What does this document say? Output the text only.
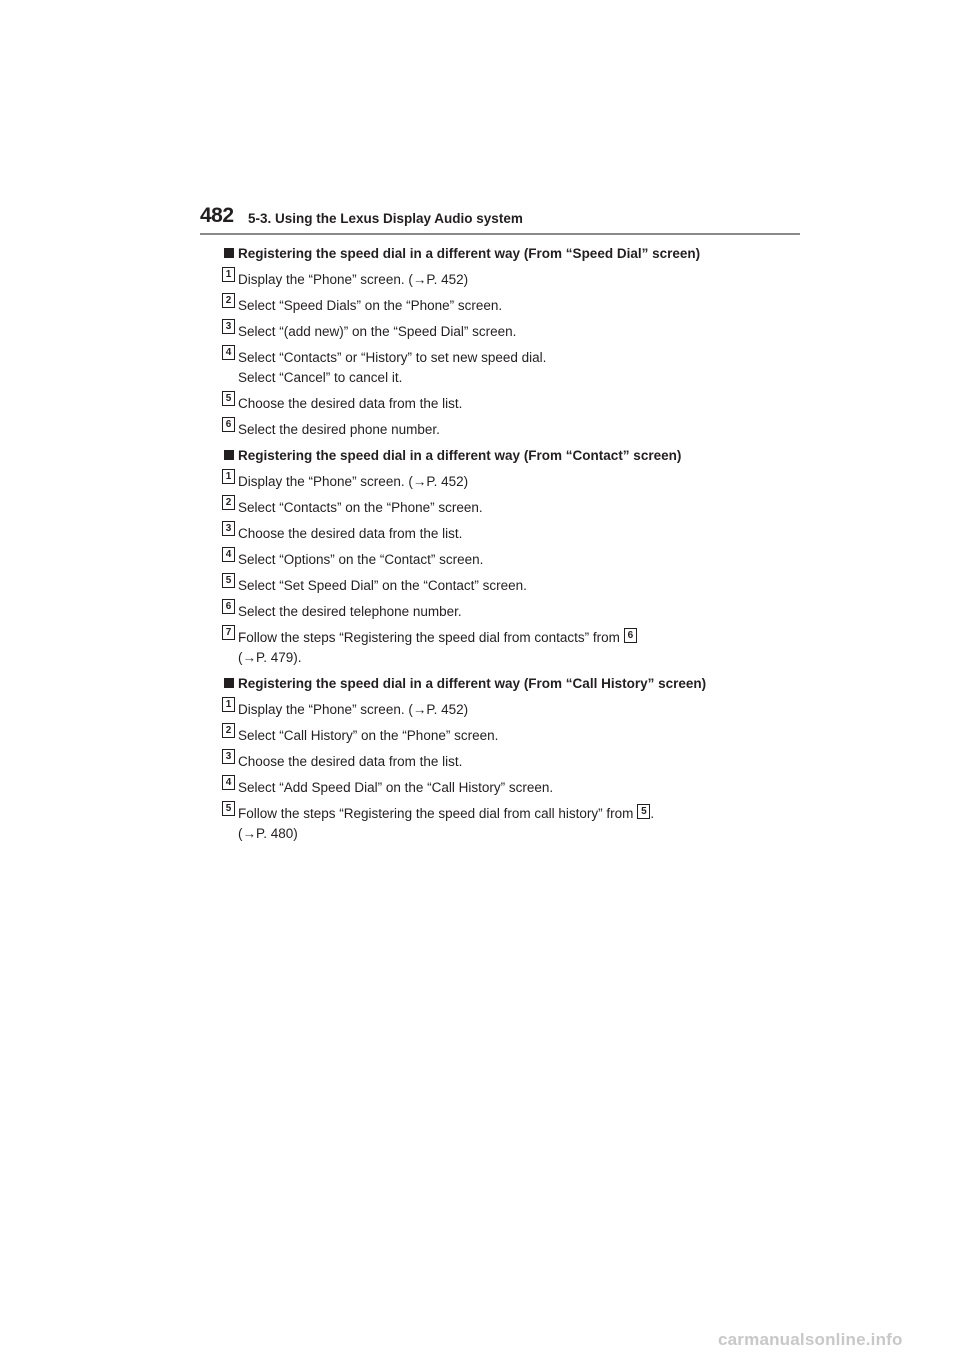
482 5-3. Using the Lexus Display Audio system
Registering the speed dial in a different way (From “Speed Dial” screen)
1 Display the “Phone” screen. (→P. 452)
2 Select “Speed Dials” on the “Phone” screen.
3 Select “(add new)” on the “Speed Dial” screen.
4 Select “Contacts” or “History” to set new speed dial.
Select “Cancel” to cancel it.
5 Choose the desired data from the list.
6 Select the desired phone number.
Registering the speed dial in a different way (From “Contact” screen)
1 Display the “Phone” screen. (→P. 452)
2 Select “Contacts” on the “Phone” screen.
3 Choose the desired data from the list.
4 Select “Options” on the “Contact” screen.
5 Select “Set Speed Dial” on the “Contact” screen.
6 Select the desired telephone number.
7 Follow the steps “Registering the speed dial from contacts” from 6
(→P. 479).
Registering the speed dial in a different way (From “Call History” screen)
1 Display the “Phone” screen. (→P. 452)
2 Select “Call History” on the “Phone” screen.
3 Choose the desired data from the list.
4 Select “Add Speed Dial” on the “Call History” screen.
5 Follow the steps “Registering the speed dial from call history” from 5 .
(→P. 480)
carmanualsonline.info
